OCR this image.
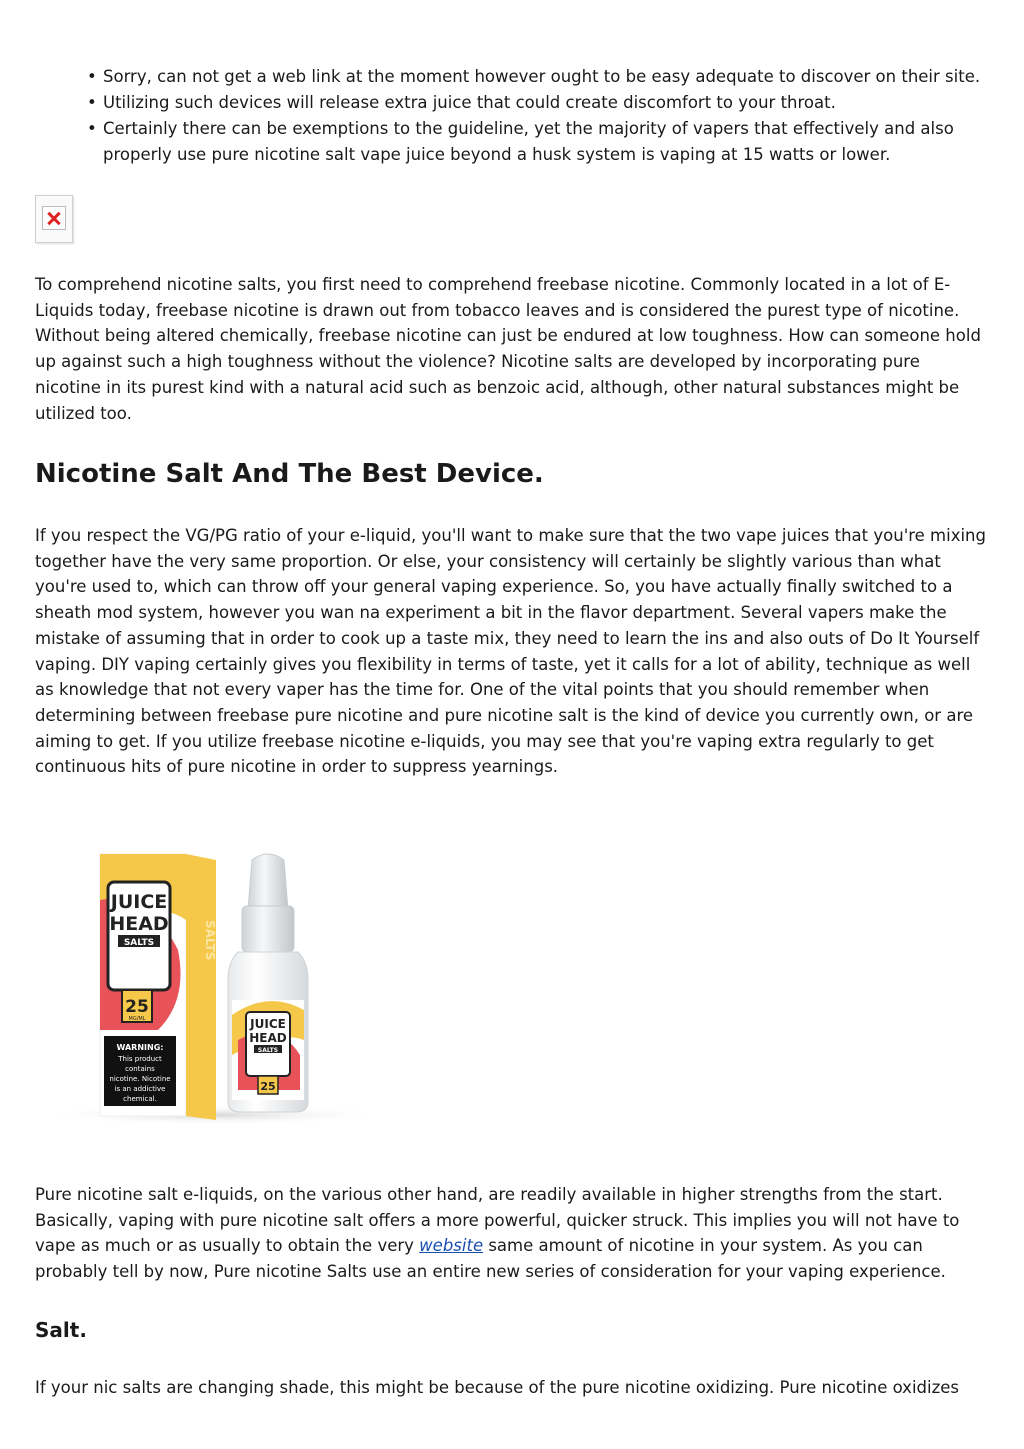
• Sorry, can not get a web link at the moment however ought to be easy adequate to discover on their site.
• Utilizing such devices will release extra juice that could create discomfort to your throat.
• Certainly there can be exemptions to the guideline, yet the majority of vapers that effectively and also properly use pure nicotine salt vape juice beyond a husk system is vaping at 15 watts or lower.

To comprehend nicotine salts, you first need to comprehend freebase nicotine. Commonly located in a lot of E-Liquids today, freebase nicotine is drawn out from tobacco leaves and is considered the purest type of nicotine. Without being altered chemically, freebase nicotine can just be endured at low toughness. How can someone hold up against such a high toughness without the violence? Nicotine salts are developed by incorporating pure nicotine in its purest kind with a natural acid such as benzoic acid, although, other natural substances might be utilized too.

Nicotine Salt And The Best Device.

If you respect the VG/PG ratio of your e-liquid, you'll want to make sure that the two vape juices that you're mixing together have the very same proportion. Or else, your consistency will certainly be slightly various than what you're used to, which can throw off your general vaping experience. So, you have actually finally switched to a sheath mod system, however you wan na experiment a bit in the flavor department. Several vapers make the mistake of assuming that in order to cook up a taste mix, they need to learn the ins and also outs of Do It Yourself vaping. DIY vaping certainly gives you flexibility in terms of taste, yet it calls for a lot of ability, technique as well as knowledge that not every vaper has the time for. One of the vital points that you should remember when determining between freebase pure nicotine and pure nicotine salt is the kind of device you currently own, or are aiming to get. If you utilize freebase nicotine e-liquids, you may see that you're vaping extra regularly to get continuous hits of pure nicotine in order to suppress yearnings.

Pure nicotine salt e-liquids, on the various other hand, are readily available in higher strengths from the start. Basically, vaping with pure nicotine salt offers a more powerful, quicker struck. This implies you will not have to vape as much or as usually to obtain the very website same amount of nicotine in your system. As you can probably tell by now, Pure nicotine Salts use an entire new series of consideration for your vaping experience.

Salt.

If your nic salts are changing shade, this might be because of the pure nicotine oxidizing. Pure nicotine oxidizes

JUICE
HEAD
SALTS
GUAVA
PEACH
25
MG/ML
WARNING:
This product
contains
nicotine. Nicotine
is an addictive
chemical.
SALTS
JUICE
HEAD
SALTS
GUAVA
PEACH
25
